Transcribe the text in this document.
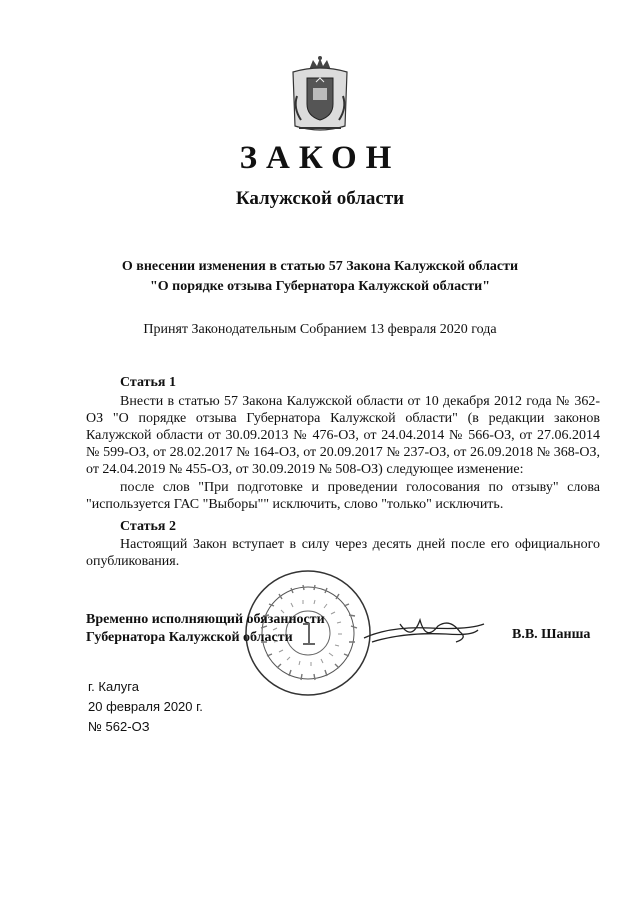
ЗАКОН
Калужской области
О внесении изменения в статью 57 Закона Калужской области
"О порядке отзыва Губернатора Калужской области"
Принят Законодательным Собранием 13 февраля 2020 года
Статья 1
Внести в статью 57 Закона Калужской области от 10 декабря 2012 года № 362-ОЗ "О порядке отзыва Губернатора Калужской области" (в редакции законов Калужской области от 30.09.2013 № 476-ОЗ, от 24.04.2014 № 566-ОЗ, от 27.06.2014 № 599-ОЗ, от 28.02.2017 № 164-ОЗ, от 20.09.2017 № 237-ОЗ, от 26.09.2018 № 368-ОЗ, от 24.04.2019 № 455-ОЗ, от 30.09.2019 № 508-ОЗ) следующее изменение:
после слов "При подготовке и проведении голосования по отзыву" слова "используется ГАС "Выборы"" исключить, слово "только" исключить.
Статья 2
Настоящий Закон вступает в силу через десять дней после его официального опубликования.
Временно исполняющий обязанности
Губернатора Калужской области	В.В. Шанша
г. Калуга
20 февраля 2020 г.
№ 562-ОЗ
